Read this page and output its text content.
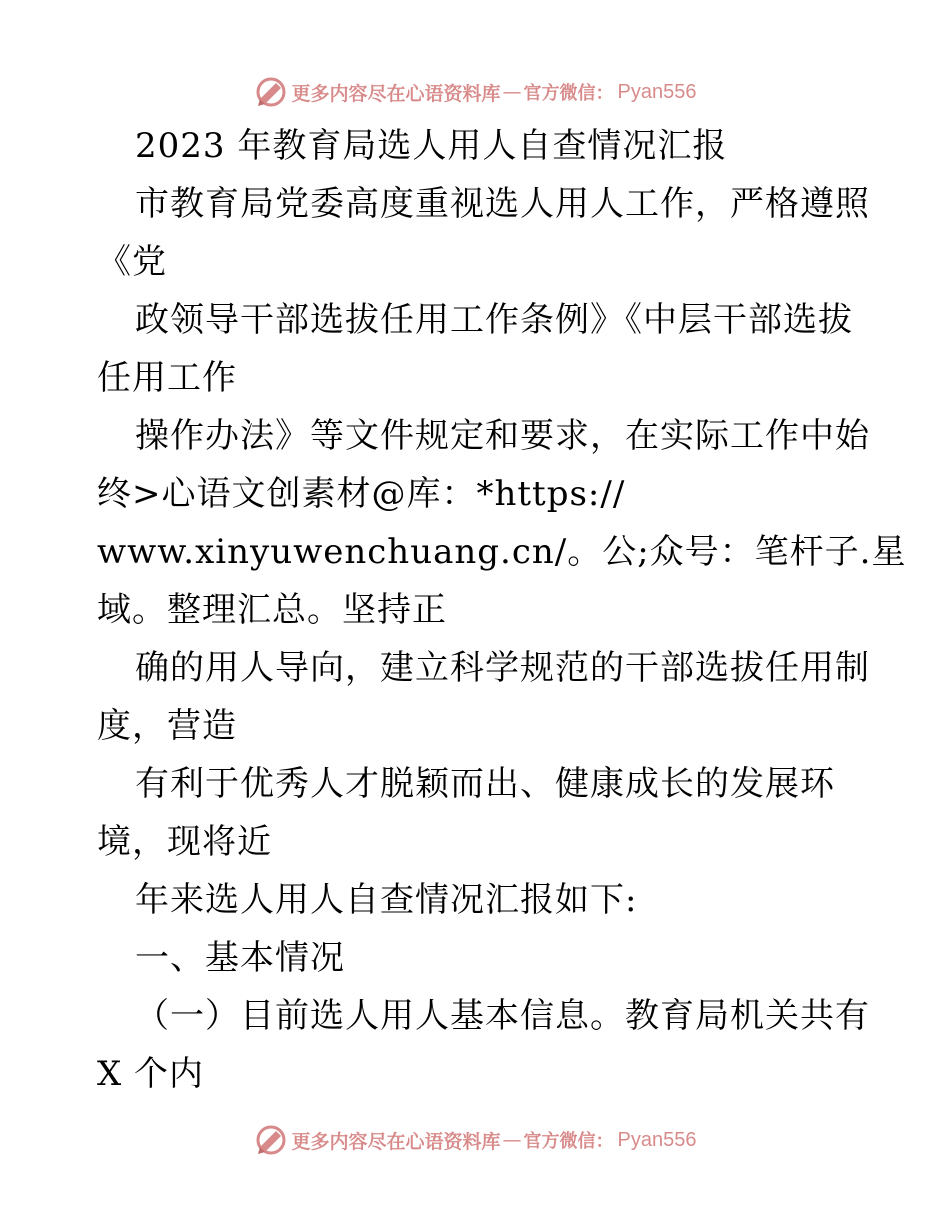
更多内容尽在心语资料库 — 官方微信： Pyan556
2023 年教育局选人用人自查情况汇报
市教育局党委高度重视选人用人工作，严格遵照
《党
政领导干部选拔任用工作条例》《中层干部选拔
任用工作
操作办法》等文件规定和要求，在实际工作中始
终>心语文创素材@库：*https://
www.xinyuwenchuang.cn/。公;众号：笔杆子.星
域。整理汇总。坚持正
确的用人导向，建立科学规范的干部选拔任用制
度，营造
有利于优秀人才脱颖而出、健康成长的发展环
境，现将近
年来选人用人自查情况汇报如下:
一、基本情况
（一）目前选人用人基本信息。教育局机关共有
X 个内
更多内容尽在心语资料库 — 官方微信： Pyan556
